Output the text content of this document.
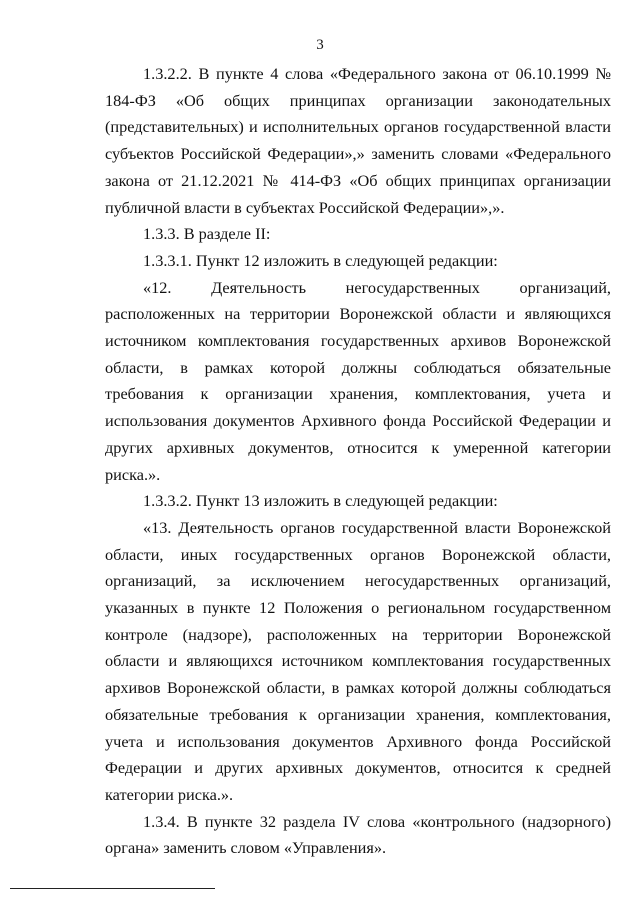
3

1.3.2.2. В пункте 4 слова «Федерального закона от 06.10.1999 № 184-ФЗ «Об общих принципах организации законодательных (представительных) и исполнительных органов государственной власти субъектов Российской Федерации»,» заменить словами «Федерального закона от 21.12.2021 № 414-ФЗ «Об общих принципах организации публичной власти в субъектах Российской Федерации»,».

1.3.3. В разделе II:

1.3.3.1. Пункт 12 изложить в следующей редакции:

«12. Деятельность негосударственных организаций, расположенных на территории Воронежской области и являющихся источником комплектования государственных архивов Воронежской области, в рамках которой должны соблюдаться обязательные требования к организации хранения, комплектования, учета и использования документов Архивного фонда Российской Федерации и других архивных документов, относится к умеренной категории риска.».

1.3.3.2. Пункт 13 изложить в следующей редакции:

«13. Деятельность органов государственной власти Воронежской области, иных государственных органов Воронежской области, организаций, за исключением негосударственных организаций, указанных в пункте 12 Положения о региональном государственном контроле (надзоре), расположенных на территории Воронежской области и являющихся источником комплектования государственных архивов Воронежской области, в рамках которой должны соблюдаться обязательные требования к организации хранения, комплектования, учета и использования документов Архивного фонда Российской Федерации и других архивных документов, относится к средней категории риска.».

1.3.4. В пункте 32 раздела IV слова «контрольного (надзорного) органа» заменить словом «Управления».
